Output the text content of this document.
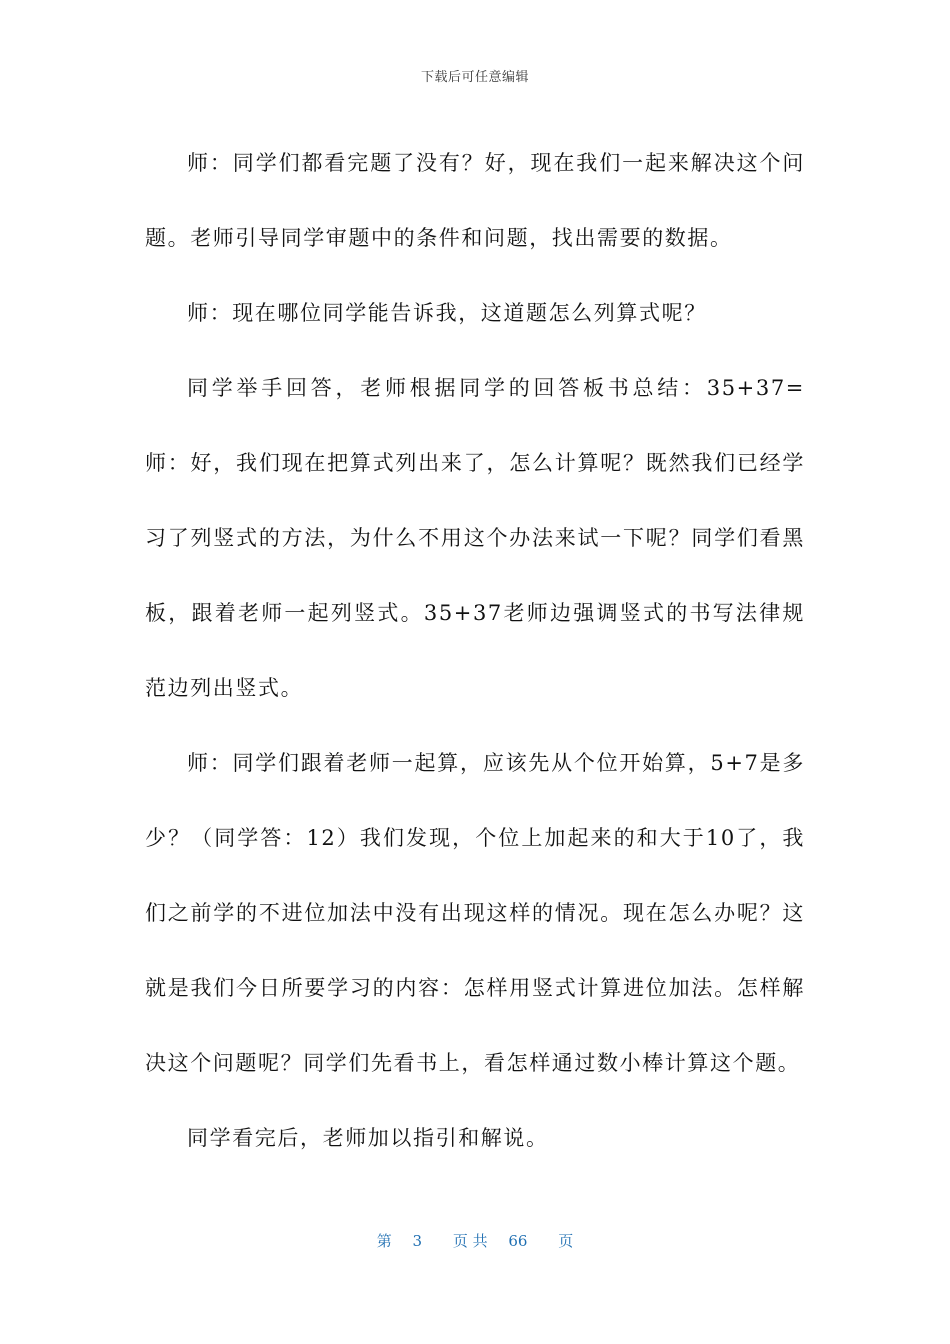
下载后可任意编辑

师：同学们都看完题了没有？好，现在我们一起来解决这个问题。老师引导同学审题中的条件和问题，找出需要的数据。

师：现在哪位同学能告诉我，这道题怎么列算式呢？

同学举手回答，老师根据同学的回答板书总结：35+37=师：好，我们现在把算式列出来了，怎么计算呢？既然我们已经学习了列竖式的方法，为什么不用这个办法来试一下呢？同学们看黑板，跟着老师一起列竖式。35+37老师边强调竖式的书写法律规范边列出竖式。

师：同学们跟着老师一起算，应该先从个位开始算，5+7是多少？（同学答：12）我们发现，个位上加起来的和大于10了，我们之前学的不进位加法中没有出现这样的情况。现在怎么办呢？这就是我们今日所要学习的内容：怎样用竖式计算进位加法。怎样解决这个问题呢？同学们先看书上，看怎样通过数小棒计算这个题。

同学看完后，老师加以指引和解说。

第 3 页 共 66 页
